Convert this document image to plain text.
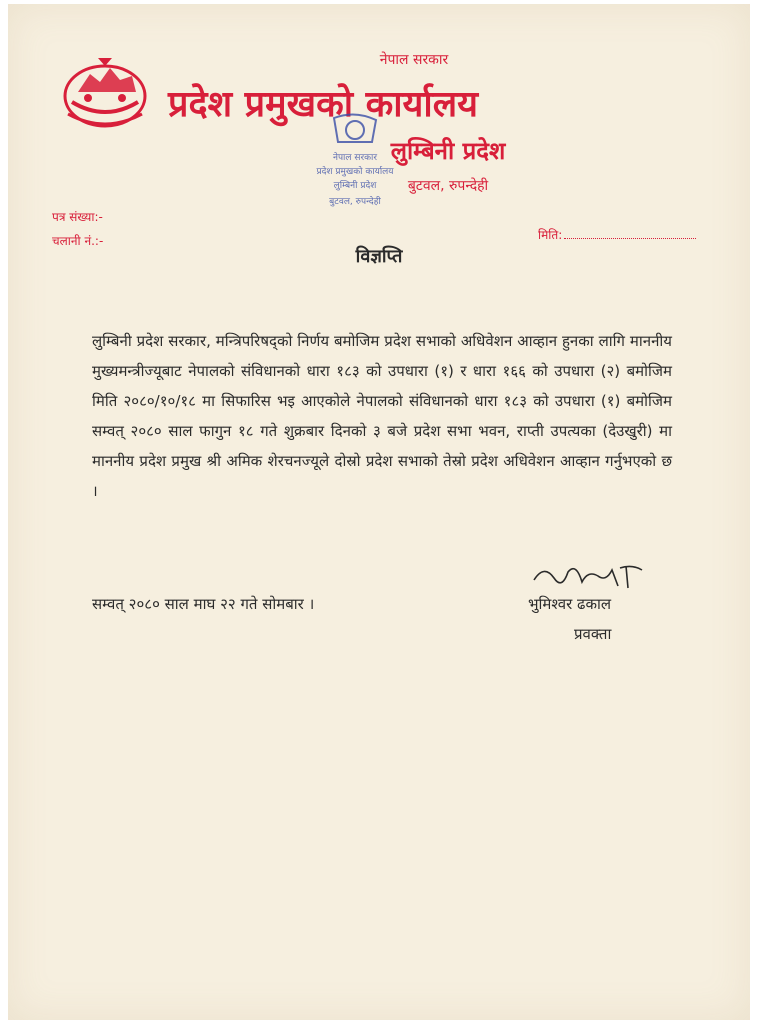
नेपाल सरकार
प्रदेश प्रमुखको कार्यालय
लुम्बिनी प्रदेश
बुटवल, रुपन्देही
नेपाल सरकार
प्रदेश प्रमुखको कार्यालय
लुम्बिनी प्रदेश
बुटवल, रुपन्देही
पत्र संख्या:-
चलानी नं.:-	मिति:
विज्ञप्ति
लुम्बिनी प्रदेश सरकार, मन्त्रिपरिषद्को निर्णय बमोजिम प्रदेश सभाको अधिवेशन आव्हान हुनका लागि माननीय मुख्यमन्त्रीज्यूबाट नेपालको संविधानको धारा १८३ को उपधारा (१) र धारा १६६ को उपधारा (२) बमोजिम मिति २०८०/१०/१८ मा सिफारिस भइ आएकोले नेपालको संविधानको धारा १८३ को उपधारा (१) बमोजिम सम्वत् २०८० साल फागुन १८ गते शुक्रबार दिनको ३ बजे प्रदेश सभा भवन, राप्ती उपत्यका (देउखुरी) मा माननीय प्रदेश प्रमुख श्री अमिक शेरचनज्यूले दोस्रो प्रदेश सभाको तेस्रो प्रदेश अधिवेशन आव्हान गर्नुभएको छ ।
सम्वत् २०८० साल माघ २२ गते सोमबार ।	भुमिश्वर ढकाल
प्रवक्ता
